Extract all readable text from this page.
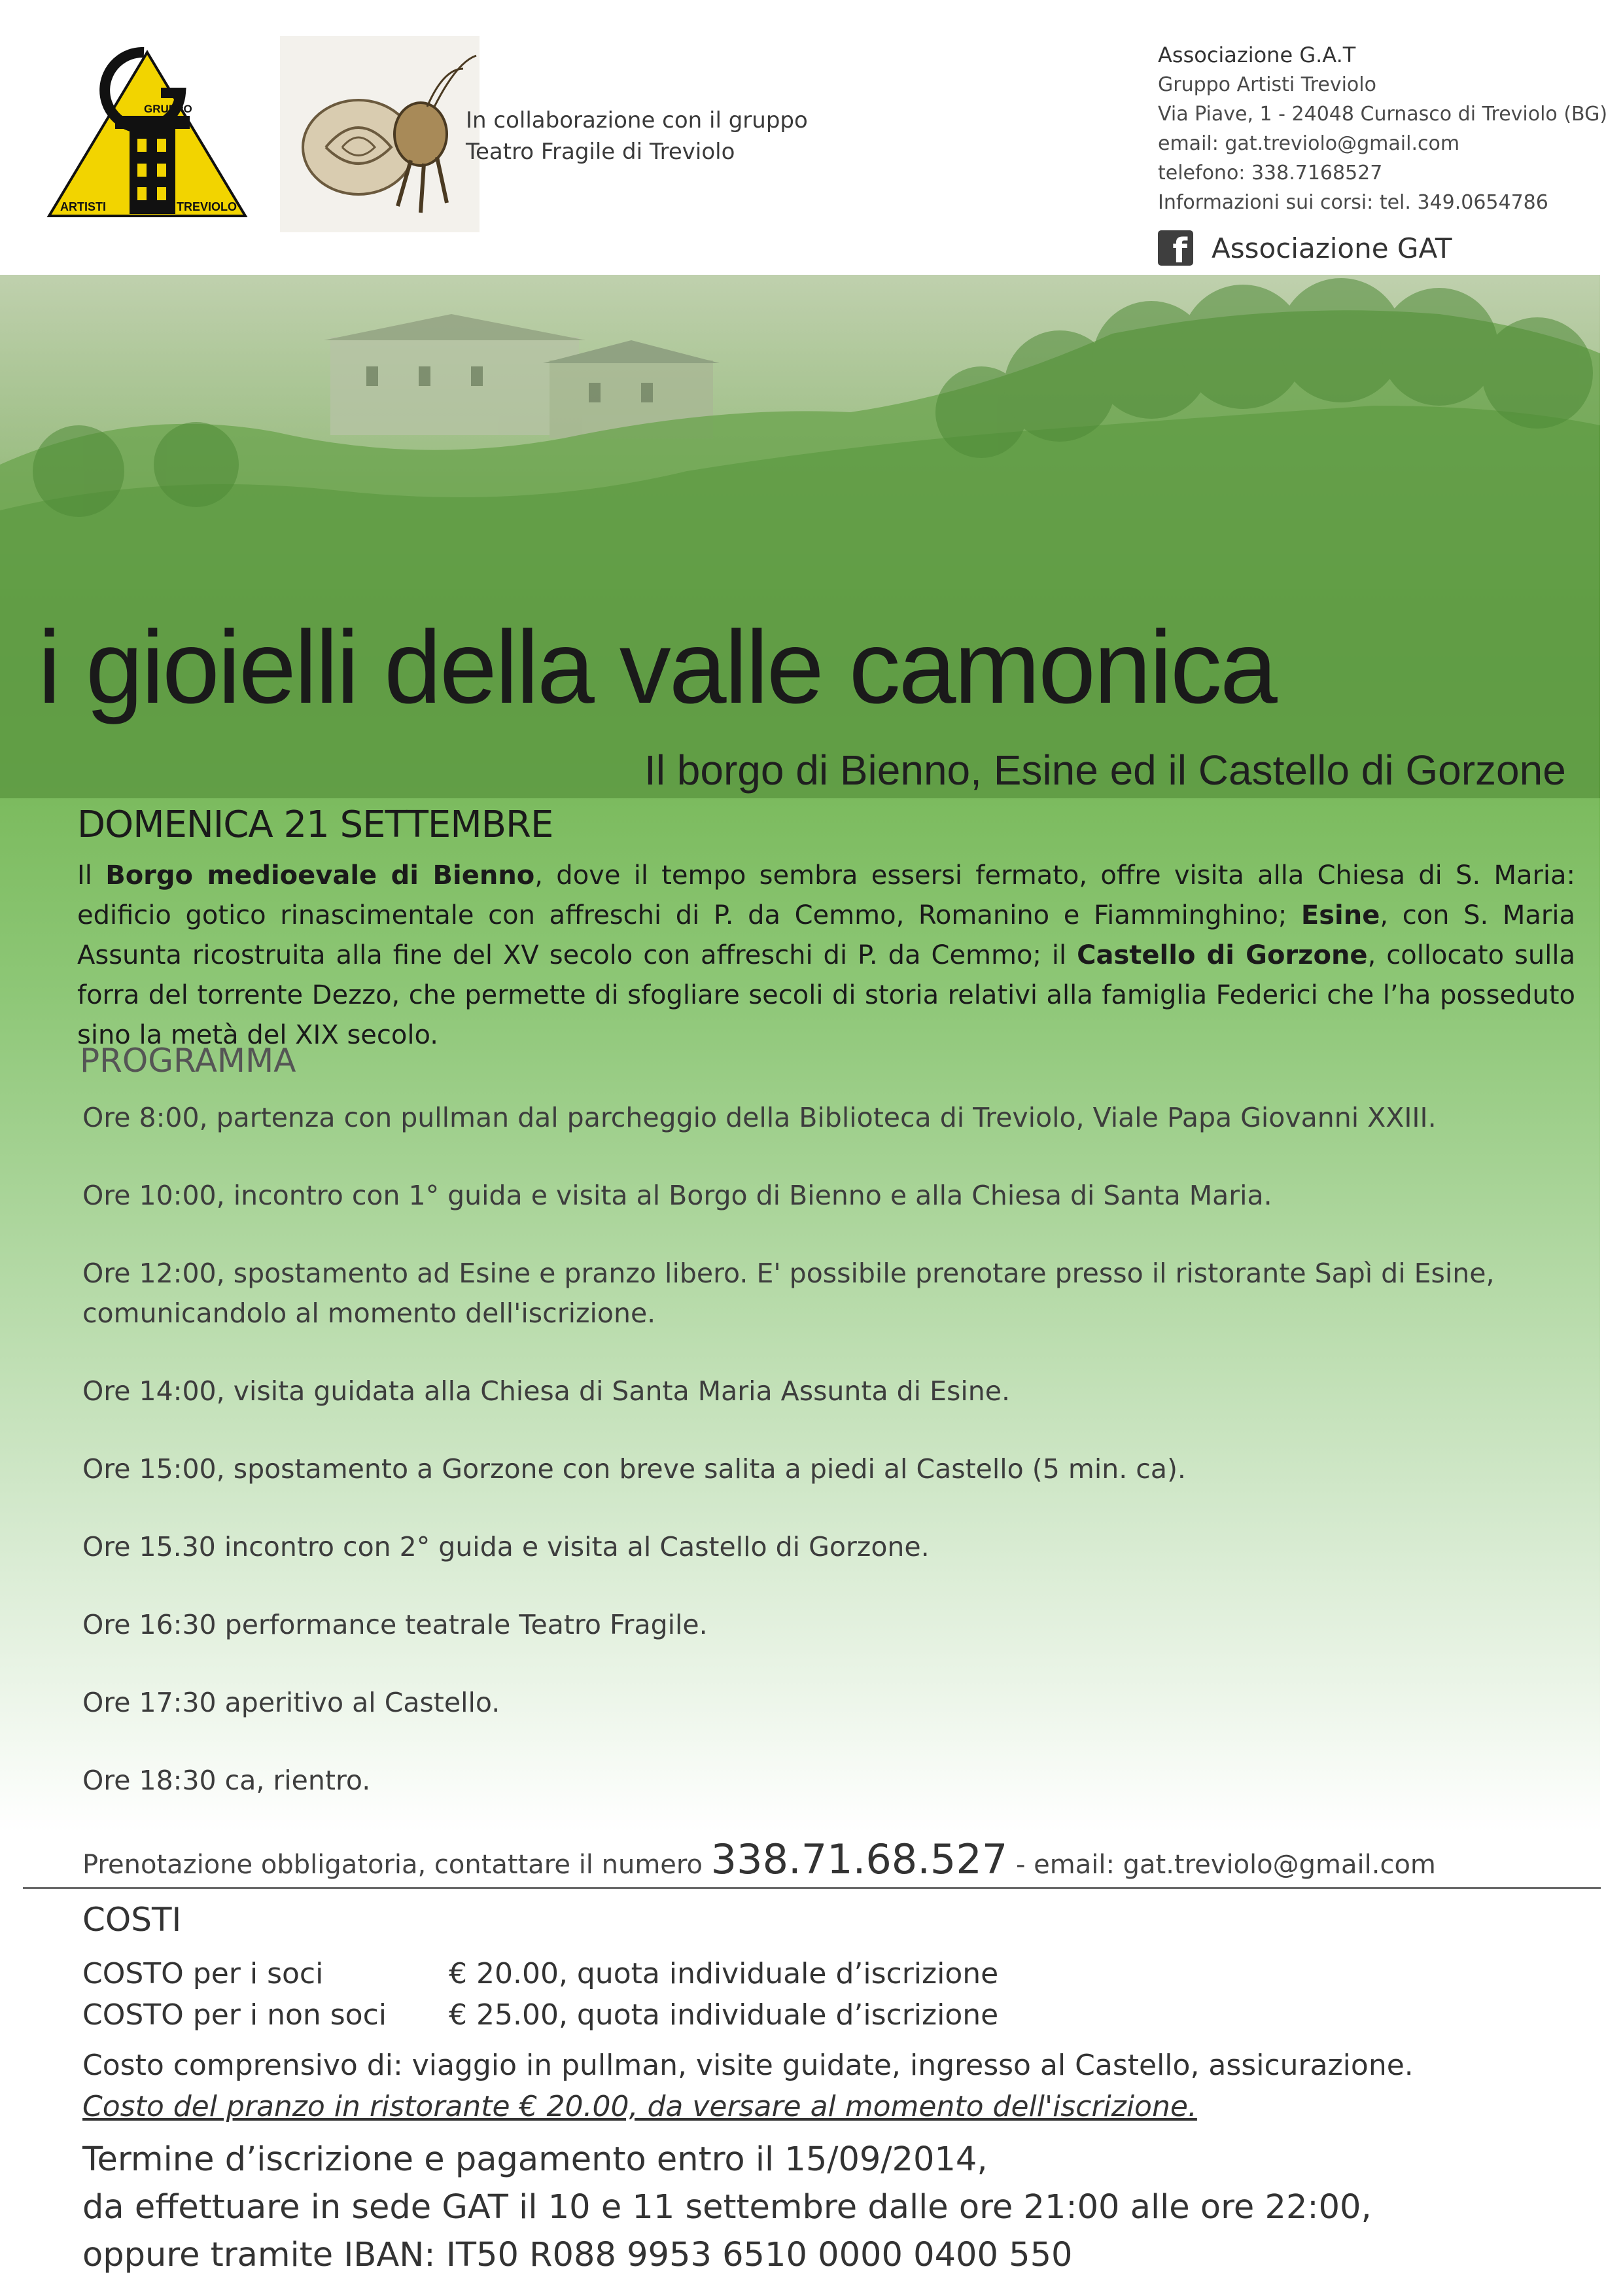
GRUPPO
ARTISTI	TREVIOLO
In collaborazione con il gruppo
Teatro Fragile di Treviolo
Associazione G.A.T
Gruppo Artisti Treviolo
Via Piave, 1 - 24048 Curnasco di Treviolo (BG)
email: gat.treviolo@gmail.com
telefono: 338.7168527
Informazioni sui corsi: tel. 349.0654786
f Associazione GAT
i gioielli della valle camonica
Il borgo di Bienno, Esine ed il Castello di Gorzone
DOMENICA 21 SETTEMBRE
Il Borgo medioevale di Bienno, dove il tempo sembra essersi fermato, offre visita alla Chiesa di S. Maria: edificio gotico rinascimentale con affreschi di P. da Cemmo, Romanino e Fiamminghino; Esine, con S. Maria Assunta ricostruita alla fine del XV secolo con affreschi di P. da Cemmo; il Castello di Gorzone, collocato sulla forra del torrente Dezzo, che permette di sfogliare secoli di storia relativi alla famiglia Federici che l’ha posseduto sino la metà del XIX secolo.
PROGRAMMA
Ore 8:00, partenza con pullman dal parcheggio della Biblioteca di Treviolo, Viale Papa Giovanni XXIII.
Ore 10:00, incontro con 1° guida e visita al Borgo di Bienno e alla Chiesa di Santa Maria.
Ore 12:00, spostamento ad Esine e pranzo libero. E' possibile prenotare presso il ristorante Sapì di Esine, comunicandolo al momento dell'iscrizione.
Ore 14:00, visita guidata alla Chiesa di Santa Maria Assunta di Esine.
Ore 15:00, spostamento a Gorzone con breve salita a piedi al Castello (5 min. ca).
Ore 15.30 incontro con 2° guida e visita al Castello di Gorzone.
Ore 16:30 performance teatrale Teatro Fragile.
Ore 17:30 aperitivo al Castello.
Ore 18:30 ca, rientro.
Prenotazione obbligatoria, contattare il numero 338.71.68.527 - email: gat.treviolo@gmail.com
COSTI
COSTO per i soci	€ 20.00, quota individuale d’iscrizione
COSTO per i non soci	€ 25.00, quota individuale d’iscrizione
Costo comprensivo di: viaggio in pullman, visite guidate, ingresso al Castello, assicurazione.
Costo del pranzo in ristorante € 20.00, da versare al momento dell'iscrizione.
Termine d’iscrizione e pagamento entro il 15/09/2014,
da effettuare in sede GAT il 10 e 11 settembre dalle ore 21:00 alle ore 22:00,
oppure tramite IBAN: IT50 R088 9953 6510 0000 0400 550
